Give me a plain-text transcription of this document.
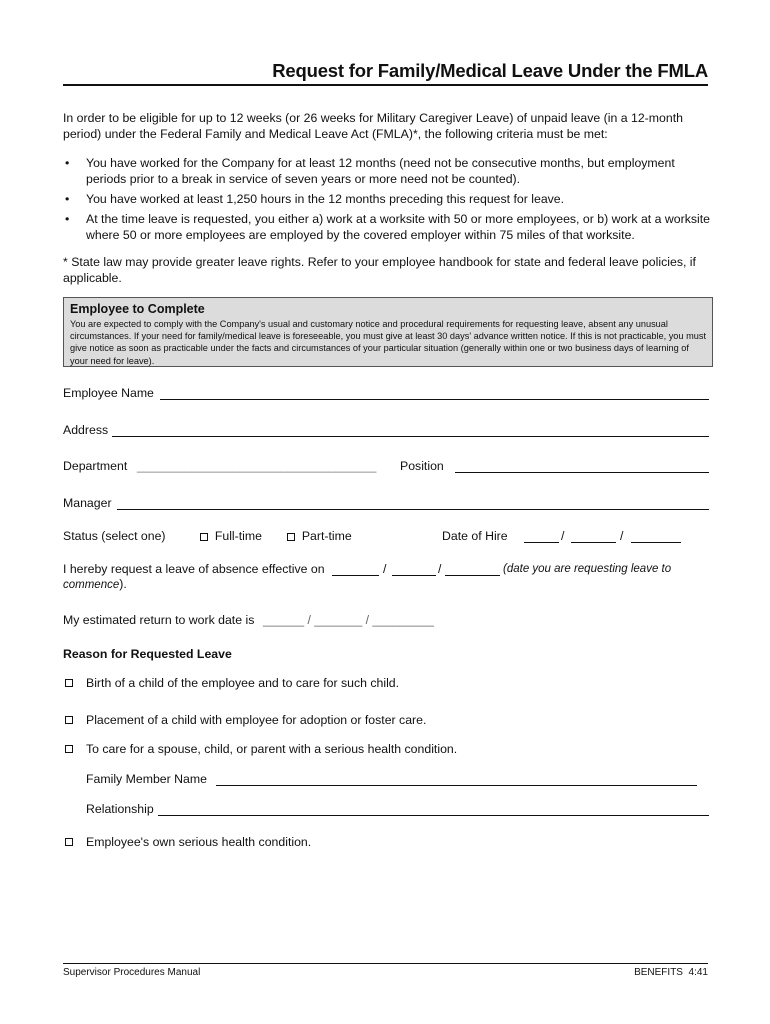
Request for Family/Medical Leave Under the FMLA
In order to be eligible for up to 12 weeks (or 26 weeks for Military Caregiver Leave) of unpaid leave (in a 12-month period) under the Federal Family and Medical Leave Act (FMLA)*, the following criteria must be met:
• You have worked for the Company for at least 12 months (need not be consecutive months, but employment periods prior to a break in service of seven years or more need not be counted).
• You have worked at least 1,250 hours in the 12 months preceding this request for leave.
• At the time leave is requested, you either a) work at a worksite with 50 or more employees, or b) work at a worksite where 50 or more employees are employed by the covered employer within 75 miles of that worksite.
* State law may provide greater leave rights. Refer to your employee handbook for state and federal leave policies, if applicable.
Employee to Complete
You are expected to comply with the Company's usual and customary notice and procedural requirements for requesting leave, absent any unusual circumstances. If your need for family/medical leave is foreseeable, you must give at least 30 days' advance written notice. If this is not practicable, you must give notice as soon as practicable under the facts and circumstances of your particular situation (generally within one or two business days of learning of your need for leave).
Employee Name
Address
Department ___________________________________ Position
Manager
Status (select one)	Full-time	Part-time	Date of Hire	/	/
I hereby request a leave of absence effective on	/	/	(date you are requesting leave to
commence).
My estimated return to work date is ______ / _______ / _________
Reason for Requested Leave
Birth of a child of the employee and to care for such child.
Placement of a child with employee for adoption or foster care.
To care for a spouse, child, or parent with a serious health condition.
Family Member Name
Relationship
Employee's own serious health condition.
Supervisor Procedures Manual	BENEFITS  4:41
